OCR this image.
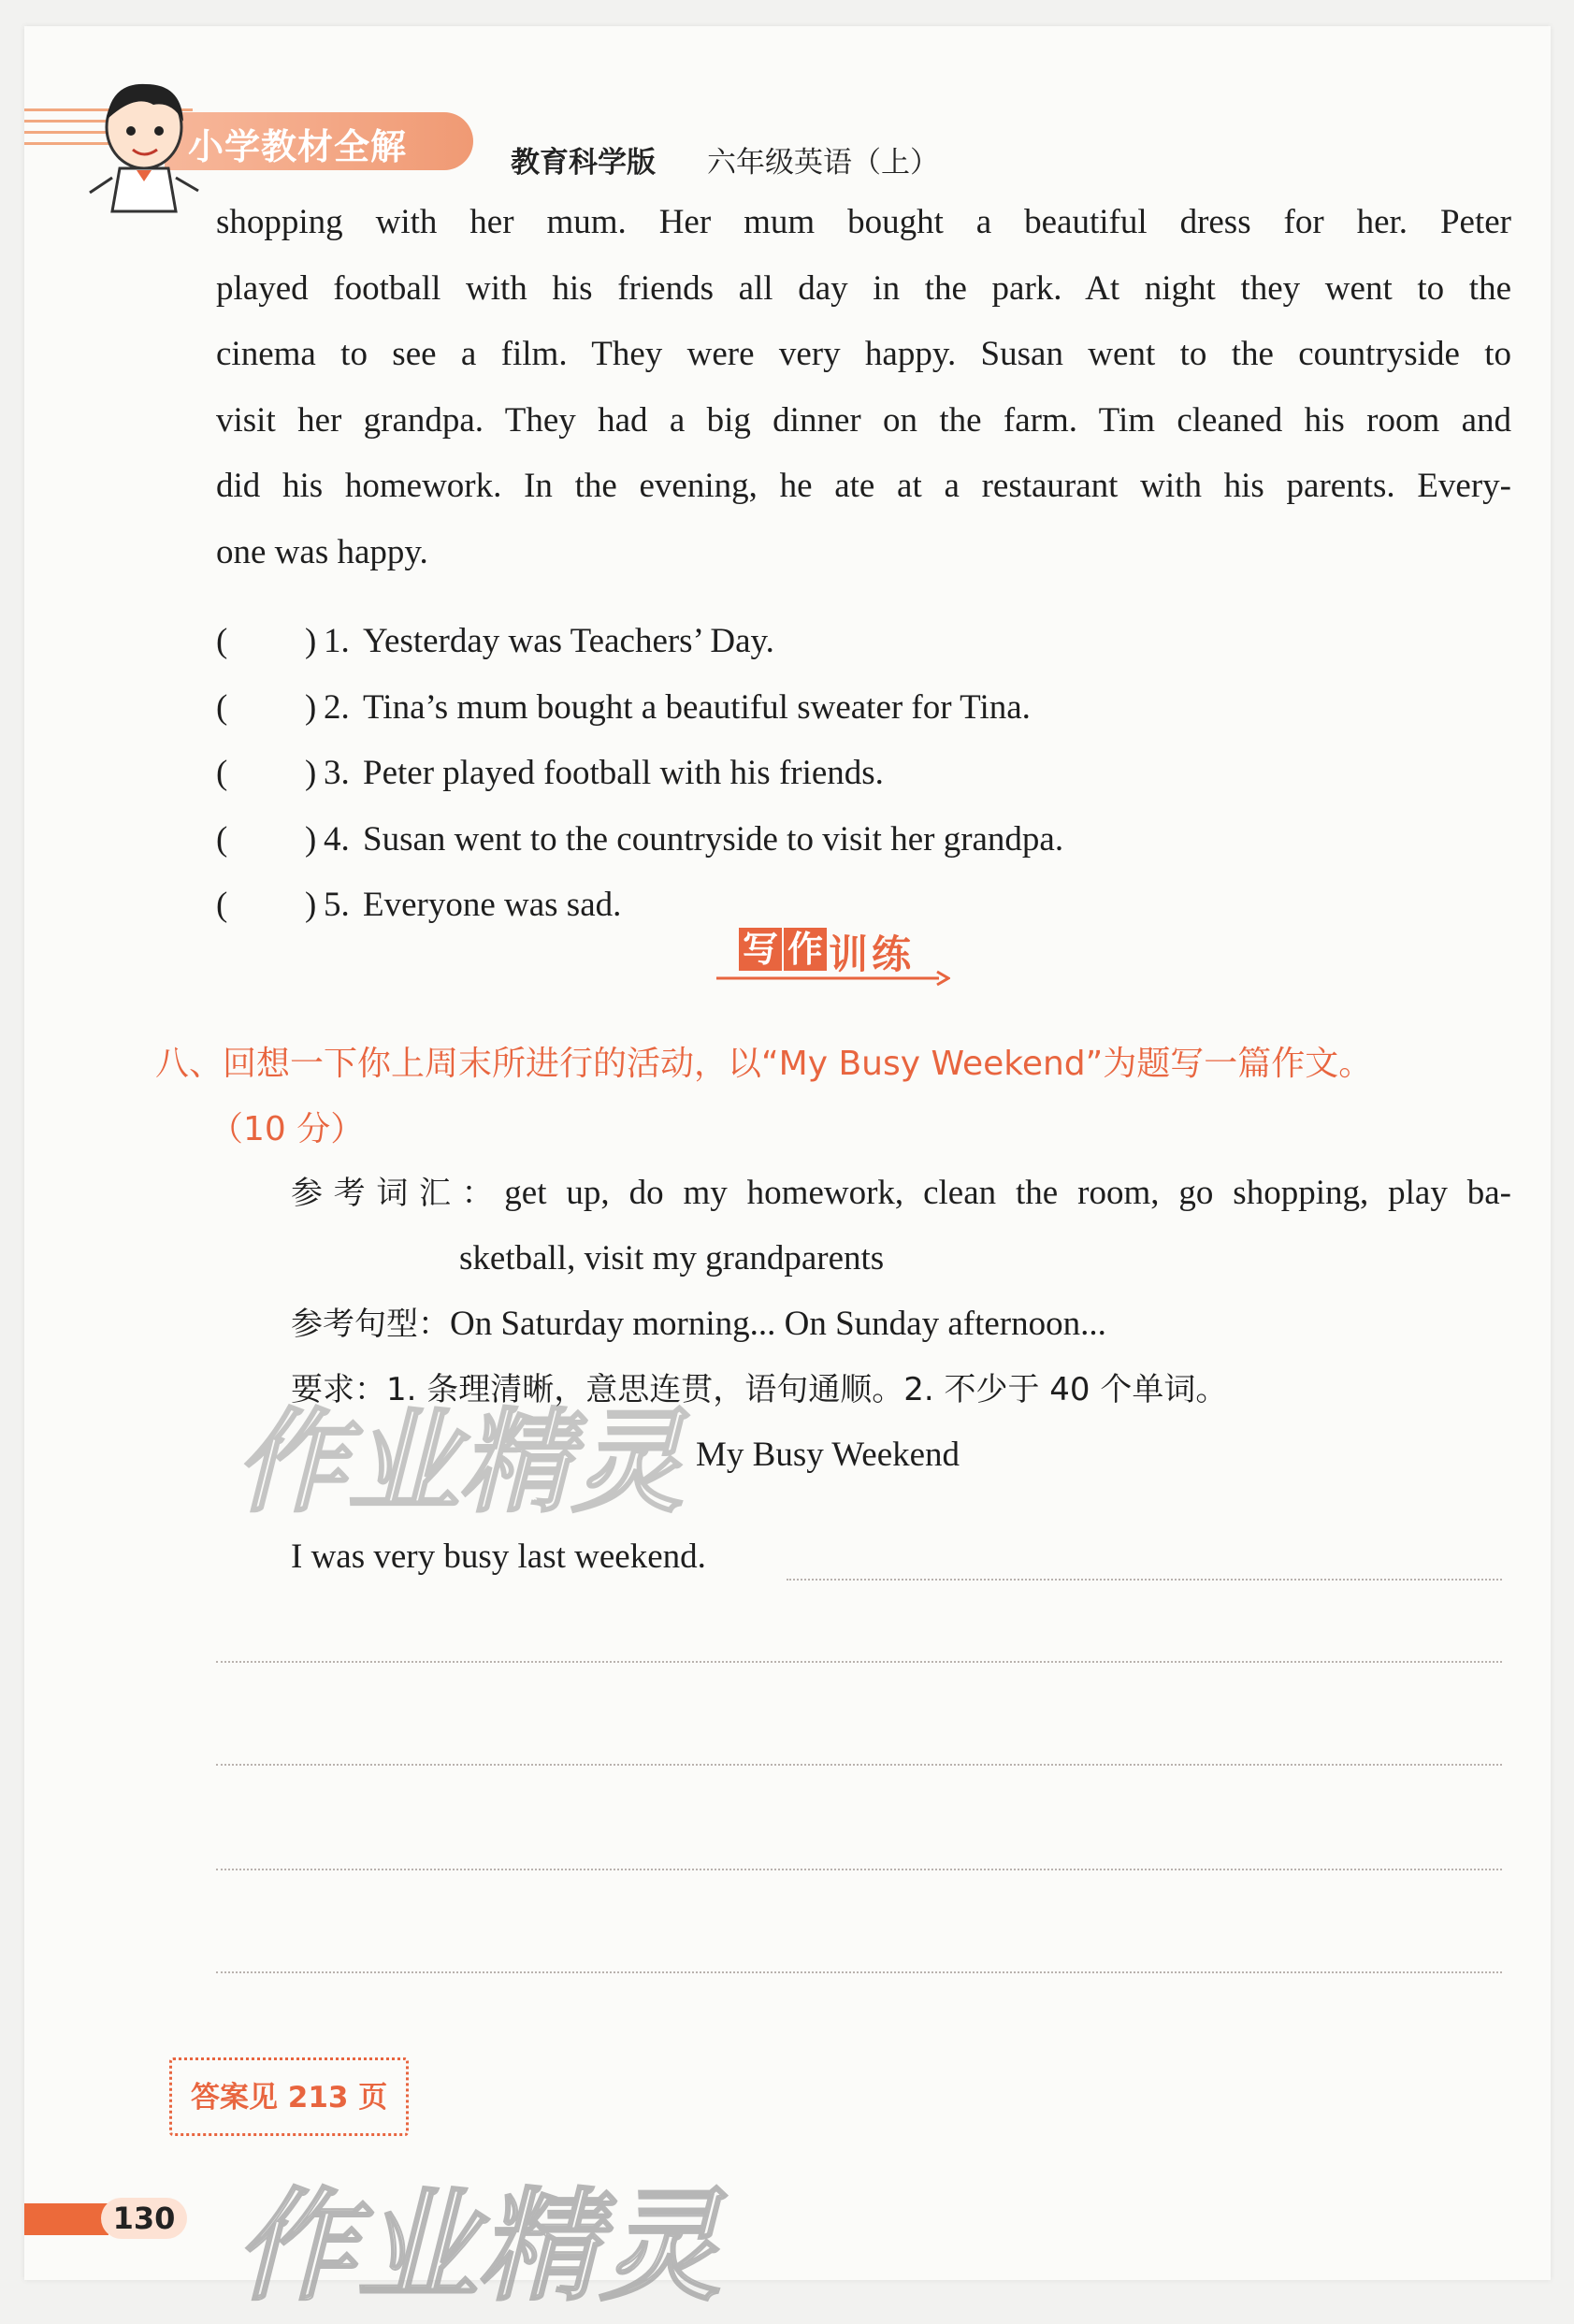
小学教材全解	教育科学版 六年级英语（上）
shopping with her mum. Her mum bought a beautiful dress for her. Peter
played football with his friends all day in the park. At night they went to the
cinema to see a film. They were very happy. Susan went to the countryside to
visit her grandpa. They had a big dinner on the farm. Tim cleaned his room and
did his homework. In the evening, he ate at a restaurant with his parents. Every-
one was happy.
( ) 1. Yesterday was Teachers’ Day.
( ) 2. Tina’s mum bought a beautiful sweater for Tina.
( ) 3. Peter played football with his friends.
( ) 4. Susan went to the countryside to visit her grandpa.
( ) 5. Everyone was sad.
写 作 训练
八、回想一下你上周末所进行的活动，以“My Busy Weekend”为题写一篇作文。
（10 分）
参考词汇：get up, do my homework, clean the room, go shopping, play ba-
sketball, visit my grandparents
参考句型：On Saturday morning... On Sunday afternoon...
要求：1. 条理清晰，意思连贯，语句通顺。2. 不少于 40 个单词。
My Busy Weekend
I was very busy last weekend.
作业精灵
答案见 213 页
130 作业精灵
